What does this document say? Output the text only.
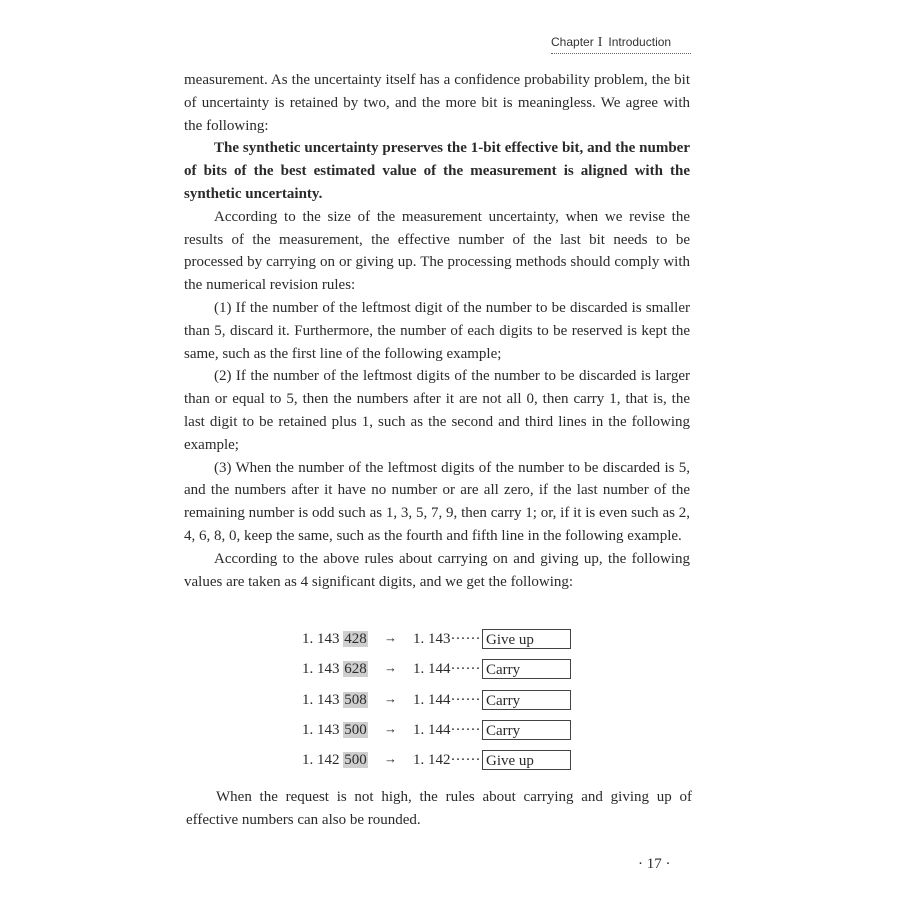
Chapter I Introduction

measurement. As the uncertainty itself has a confidence probability problem, the bit of uncertainty is retained by two, and the more bit is meaningless. We agree with the following:

The synthetic uncertainty preserves the 1-bit effective bit, and the number of bits of the best estimated value of the measurement is aligned with the synthetic uncertainty.

According to the size of the measurement uncertainty, when we revise the results of the measurement, the effective number of the last bit needs to be processed by carrying on or giving up. The processing methods should comply with the numerical revision rules:

(1) If the number of the leftmost digit of the number to be discarded is smaller than 5, discard it. Furthermore, the number of each digits to be reserved is kept the same, such as the first line of the following example;

(2) If the number of the leftmost digits of the number to be discarded is larger than or equal to 5, then the numbers after it are not all 0, then carry 1, that is, the last digit to be retained plus 1, such as the second and third lines in the following example;

(3) When the number of the leftmost digits of the number to be discarded is 5, and the numbers after it have no number or are all zero, if the last number of the remaining number is odd such as 1, 3, 5, 7, 9, then carry 1; or, if it is even such as 2, 4, 6, 8, 0, keep the same, such as the fourth and fifth line in the following example.

According to the above rules about carrying on and giving up, the following values are taken as 4 significant digits, and we get the following:

1. 143 428 → 1. 143······ Give up
1. 143 628 → 1. 144······ Carry
1. 143 508 → 1. 144······ Carry
1. 143 500 → 1. 144······ Carry
1. 142 500 → 1. 142······ Give up

When the request is not high, the rules about carrying and giving up of effective numbers can also be rounded.

· 17 ·
